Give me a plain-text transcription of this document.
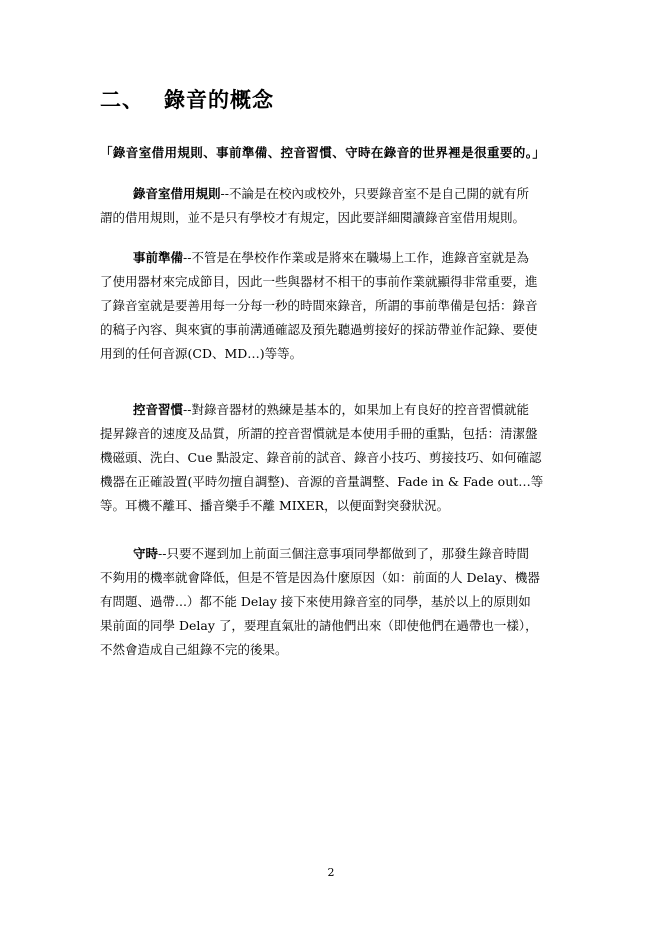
二、 錄音的概念
「錄音室借用規則、事前準備、控音習慣、守時在錄音的世界裡是很重要的。」
錄音室借用規則--不論是在校內或校外，只要錄音室不是自己開的就有所
謂的借用規則，並不是只有學校才有規定，因此要詳細閱讀錄音室借用規則。
事前準備--不管是在學校作作業或是將來在職場上工作，進錄音室就是為
了使用器材來完成節目，因此一些與器材不相干的事前作業就顯得非常重要，進
了錄音室就是要善用每一分每一秒的時間來錄音，所謂的事前準備是包括：錄音
的稿子內容、與來賓的事前溝通確認及預先聽過剪接好的採訪帶並作記錄、要使
用到的任何音源(CD、MD…)等等。
控音習慣--對錄音器材的熟練是基本的，如果加上有良好的控音習慣就能
提昇錄音的速度及品質，所謂的控音習慣就是本使用手冊的重點，包括：清潔盤
機磁頭、洗白、Cue 點設定、錄音前的試音、錄音小技巧、剪接技巧、如何確認
機器在正確設置(平時勿擅自調整)、音源的音量調整、Fade in & Fade out…等
等。耳機不離耳、播音樂手不離 MIXER，以便面對突發狀況。
守時--只要不遲到加上前面三個注意事項同學都做到了，那發生錄音時間
不夠用的機率就會降低，但是不管是因為什麼原因（如：前面的人 Delay、機器
有問題、過帶...）都不能 Delay 接下來使用錄音室的同學，基於以上的原則如
果前面的同學 Delay 了，要理直氣壯的請他們出來（即使他們在過帶也一樣），
不然會造成自己組錄不完的後果。
2
